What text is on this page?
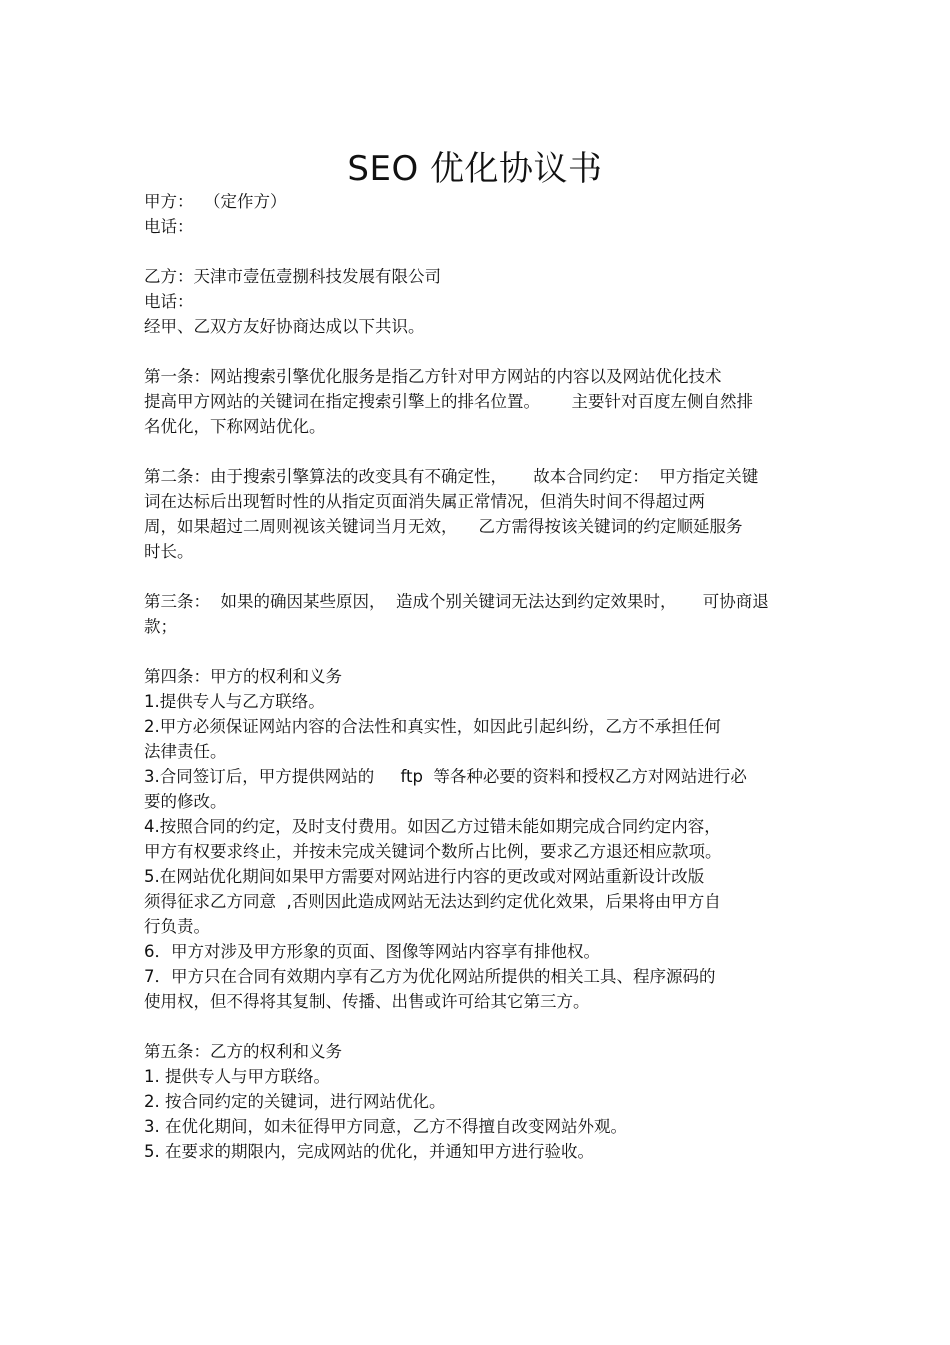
SEO 优化协议书
甲方：  （定作方）
电话：
乙方：天津市壹伍壹捌科技发展有限公司
电话：
经甲、乙双方友好协商达成以下共识。
第一条：网站搜索引擎优化服务是指乙方针对甲方网站的内容以及网站优化技术
提高甲方网站的关键词在指定搜索引擎上的排名位置。      主要针对百度左侧自然排
名优化，下称网站优化。
第二条：由于搜索引擎算法的改变具有不确定性，     故本合同约定：  甲方指定关键
词在达标后出现暂时性的从指定页面消失属正常情况，但消失时间不得超过两
周，如果超过二周则视该关键词当月无效，    乙方需得按该关键词的约定顺延服务
时长。
第三条：  如果的确因某些原因，  造成个别关键词无法达到约定效果时，     可协商退
款；
第四条：甲方的权利和义务
1.提供专人与乙方联络。
2.甲方必须保证网站内容的合法性和真实性，如因此引起纠纷，乙方不承担任何
法律责任。
3.合同签订后，甲方提供网站的     ftp  等各种必要的资料和授权乙方对网站进行必
要的修改。
4.按照合同的约定，及时支付费用。如因乙方过错未能如期完成合同约定内容，
甲方有权要求终止，并按未完成关键词个数所占比例，要求乙方退还相应款项。
5.在网站优化期间如果甲方需要对网站进行内容的更改或对网站重新设计改版
须得征求乙方同意  ,否则因此造成网站无法达到约定优化效果，后果将由甲方自
行负责。
6．甲方对涉及甲方形象的页面、图像等网站内容享有排他权。
7．甲方只在合同有效期内享有乙方为优化网站所提供的相关工具、程序源码的
使用权，但不得将其复制、传播、出售或许可给其它第三方。
第五条：乙方的权利和义务
1. 提供专人与甲方联络。
2. 按合同约定的关键词，进行网站优化。
3. 在优化期间，如未征得甲方同意，乙方不得擅自改变网站外观。
5. 在要求的期限内，完成网站的优化，并通知甲方进行验收。
